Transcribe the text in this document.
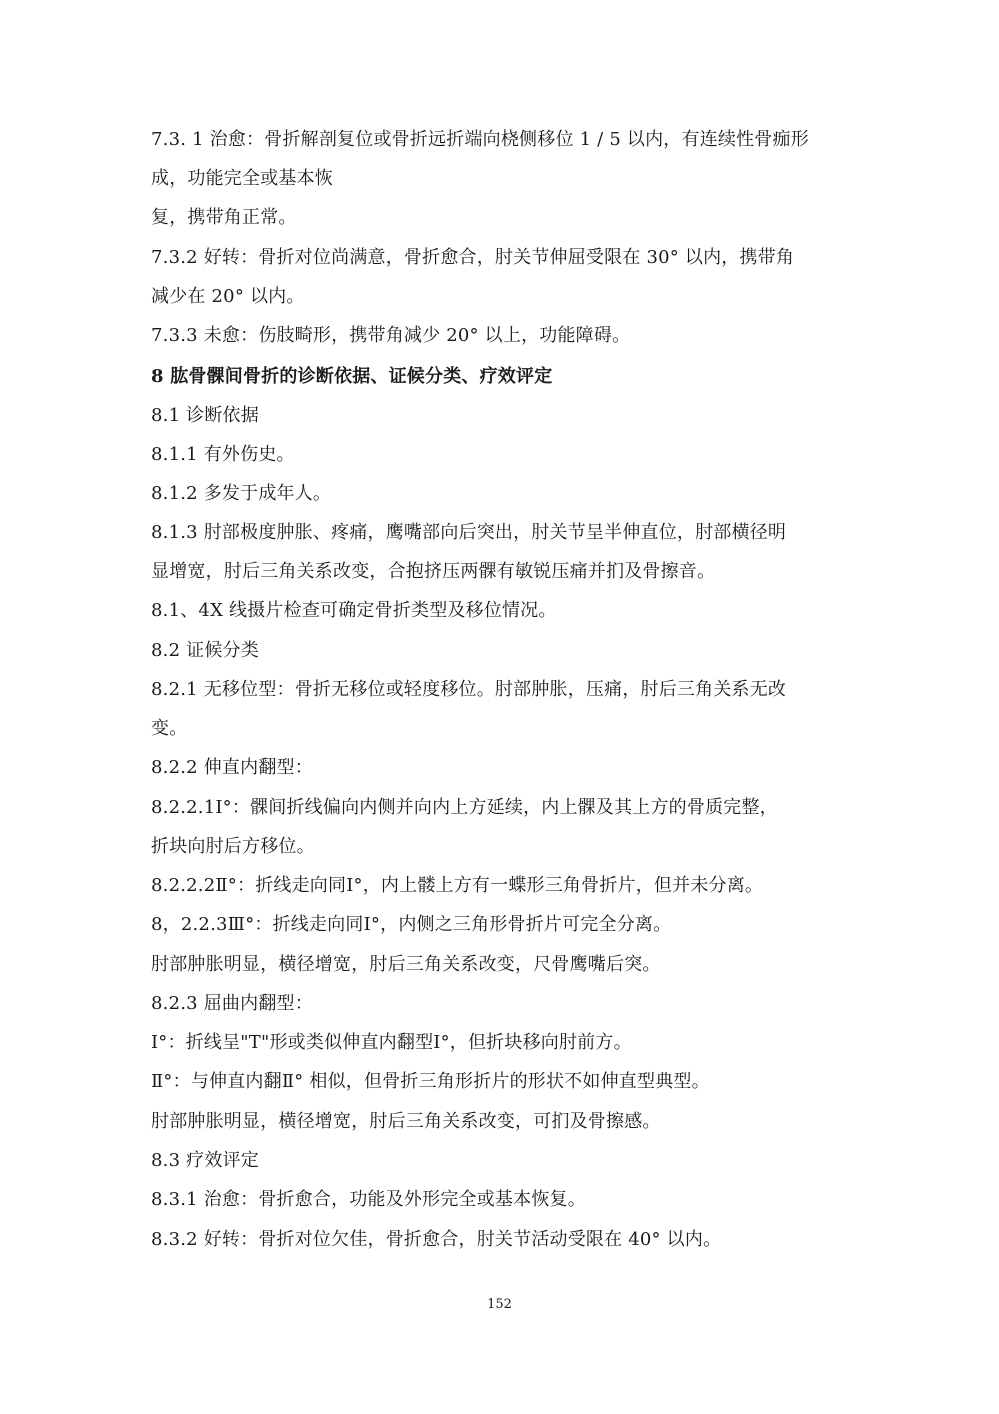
7.3. 1 治愈：骨折解剖复位或骨折远折端向桡侧移位 1 / 5 以内，有连续性骨痂形
成，功能完全或基本恢
复，携带角正常。
7.3.2 好转：骨折对位尚满意，骨折愈合，肘关节伸屈受限在 30° 以内，携带角
减少在 20° 以内。
7.3.3 未愈：伤肢畸形，携带角减少 20° 以上，功能障碍。
8 肱骨髁间骨折的诊断依据、证候分类、疗效评定
8.1 诊断依据
8.1.1 有外伤史。
8.1.2 多发于成年人。
8.1.3 肘部极度肿胀、疼痛，鹰嘴部向后突出，肘关节呈半伸直位，肘部横径明
显增宽，肘后三角关系改变，合抱挤压两髁有敏锐压痛并扪及骨擦音。
8.1、4X 线摄片检查可确定骨折类型及移位情况。
8.2 证候分类
8.2.1 无移位型：骨折无移位或轻度移位。肘部肿胀，压痛，肘后三角关系无改
变。
8.2.2 伸直内翻型：
8.2.2.1Ⅰ°：髁间折线偏向内侧并向内上方延续，内上髁及其上方的骨质完整，
折块向肘后方移位。
8.2.2.2Ⅱ°：折线走向同Ⅰ°，内上髅上方有一蝶形三角骨折片，但并未分离。
8，2.2.3Ⅲ°：折线走向同Ⅰ°，内侧之三角形骨折片可完全分离。
肘部肿胀明显，横径增宽，肘后三角关系改变，尺骨鹰嘴后突。
8.2.3 屈曲内翻型：
Ⅰ°：折线呈"T"形或类似伸直内翻型Ⅰ°，但折块移向肘前方。
Ⅱ°：与伸直内翻Ⅱ° 相似，但骨折三角形折片的形状不如伸直型典型。
肘部肿胀明显，横径增宽，肘后三角关系改变，可扪及骨擦感。
8.3 疗效评定
8.3.1 治愈：骨折愈合，功能及外形完全或基本恢复。
8.3.2 好转：骨折对位欠佳，骨折愈合，肘关节活动受限在 40° 以内。
152
